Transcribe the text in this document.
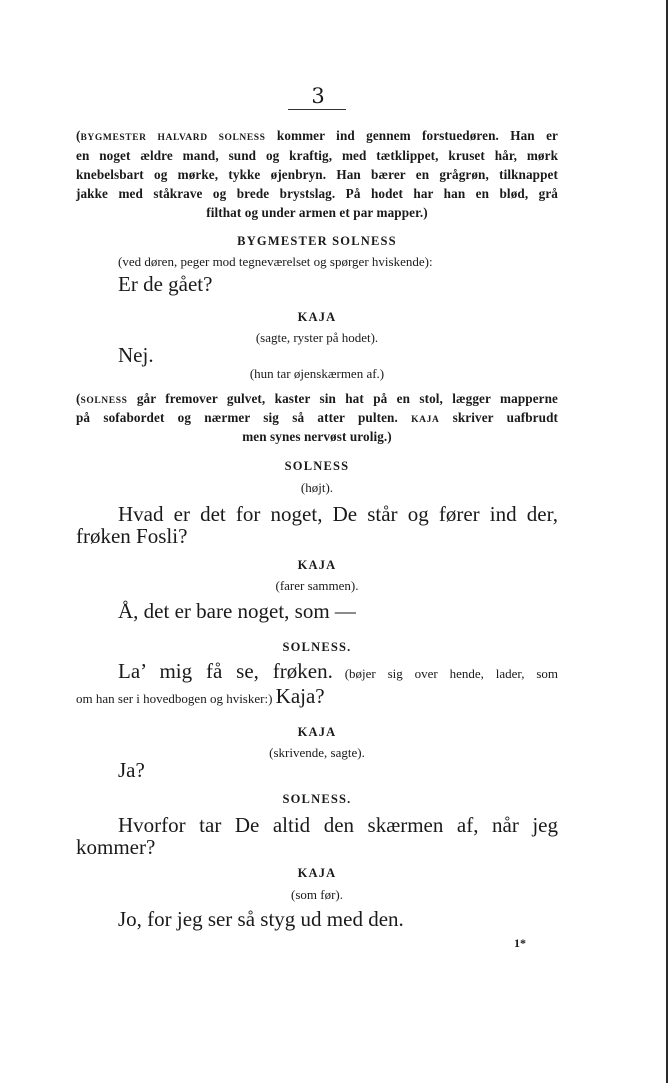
3
(BYGMESTER HALVARD SOLNESS kommer ind gennem forstuedøren. Han er
en noget ældre mand, sund og kraftig, med tætklippet, kruset hår, mørk
knebelsbart og mørke, tykke øjenbryn. Han bærer en grågrøn, tilknappet
jakke med ståkrave og brede brystslag. På hodet har han en blød, grå
filthat og under armen et par mapper.)
BYGMESTER SOLNESS
(ved døren, peger mod tegneværelset og spørger hviskende):
Er de gået?
KAJA
(sagte, ryster på hodet).
Nej.
(hun tar øjenskærmen af.)
(SOLNESS går fremover gulvet, kaster sin hat på en stol, lægger mapperne
på sofabordet og nærmer sig så atter pulten. KAJA skriver uafbrudt
men synes nervøst urolig.)
SOLNESS
(højt).
Hvad er det for noget, De står og fører ind der,
frøken Fosli?
KAJA
(farer sammen).
Å, det er bare noget, som —
SOLNESS.
La’ mig få se, frøken. (bøjer sig over hende, lader, som
om han ser i hovedbogen og hvisker:) Kaja?
KAJA
(skrivende, sagte).
Ja?
SOLNESS.
Hvorfor tar De altid den skærmen af, når jeg
kommer?
KAJA
(som før).
Jo, for jeg ser så styg ud med den.
1*
